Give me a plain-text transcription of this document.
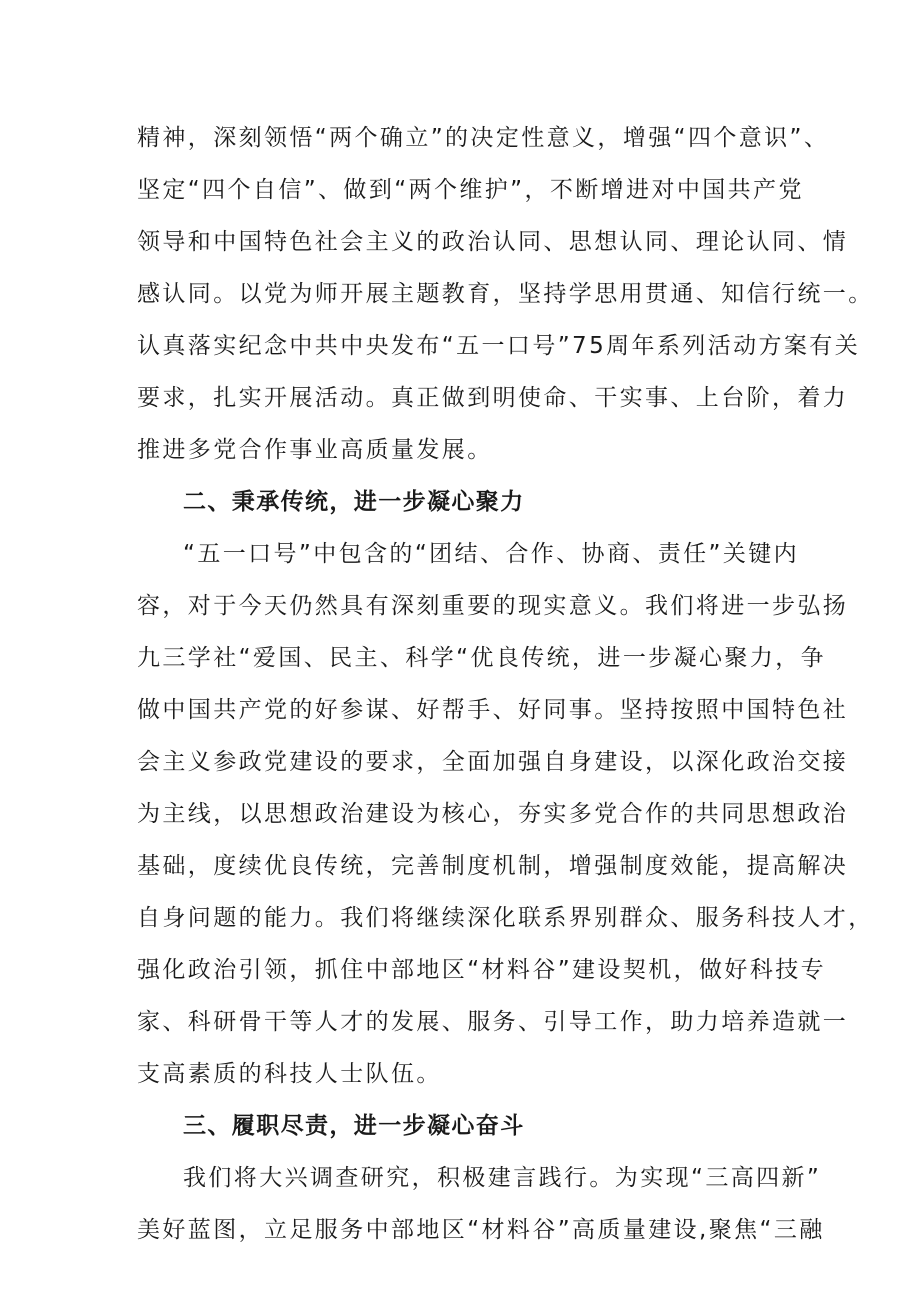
精神，深刻领悟“两个确立”的决定性意义，增强“四个意识”、
坚定“四个自信”、做到“两个维护”，不断增进对中国共产党
领导和中国特色社会主义的政治认同、思想认同、理论认同、情
感认同。以党为师开展主题教育，坚持学思用贯通、知信行统一。
认真落实纪念中共中央发布“五一口号”75周年系列活动方案有关
要求，扎实开展活动。真正做到明使命、干实事、上台阶，着力
推进多党合作事业高质量发展。
二、秉承传统，进一步凝心聚力
“五一口号”中包含的“团结、合作、协商、责任”关键内
容，对于今天仍然具有深刻重要的现实意义。我们将进一步弘扬
九三学社“爱国、民主、科学“优良传统，进一步凝心聚力，争
做中国共产党的好参谋、好帮手、好同事。坚持按照中国特色社
会主义参政党建设的要求，全面加强自身建设，以深化政治交接
为主线，以思想政治建设为核心，夯实多党合作的共同思想政治
基础，度续优良传统，完善制度机制，增强制度效能，提高解决
自身问题的能力。我们将继续深化联系界别群众、服务科技人才，
强化政治引领，抓住中部地区“材料谷”建设契机，做好科技专
家、科研骨干等人才的发展、服务、引导工作，助力培养造就一
支高素质的科技人士队伍。
三、履职尽责，进一步凝心奋斗
我们将大兴调查研究，积极建言践行。为实现“三高四新”
美好蓝图，立足服务中部地区“材料谷”高质量建设,聚焦“三融
